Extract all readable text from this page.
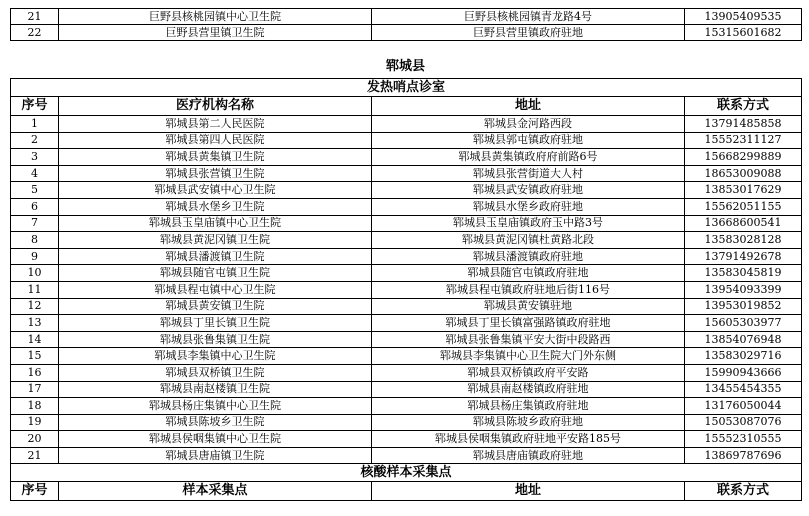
21	巨野县核桃园镇中心卫生院	巨野县核桃园镇青龙路4号	13905409535
22	巨野县营里镇卫生院	巨野县营里镇政府驻地	15315601682
郓城县
发热哨点诊室			
序号	医疗机构名称	地址	联系方式
1	郓城县第二人民医院	郓城县金河路西段	13791485858
2	郓城县第四人民医院	郓城县郭屯镇政府驻地	15552311127
3	郓城县黄集镇卫生院	郓城县黄集镇政府府前路6号	15668299889
4	郓城县张营镇卫生院	郓城县张营街道大人村	18653009088
5	郓城县武安镇中心卫生院	郓城县武安镇政府驻地	13853017629
6	郓城县水堡乡卫生院	郓城县水堡乡政府驻地	15562051155
7	郓城县玉皇庙镇中心卫生院	郓城县玉皇庙镇政府玉中路3号	13668600541
8	郓城县黄泥冈镇卫生院	郓城县黄泥冈镇杜黄路北段	13583028128
9	郓城县潘渡镇卫生院	郓城县潘渡镇政府驻地	13791492678
10	郓城县随官屯镇卫生院	郓城县随官屯镇政府驻地	13583045819
11	郓城县程屯镇中心卫生院	郓城县程屯镇政府驻地后街116号	13954093399
12	郓城县黄安镇卫生院	郓城县黄安镇驻地	13953019852
13	郓城县丁里长镇卫生院	郓城县丁里长镇富强路镇政府驻地	15605303977
14	郓城县张鲁集镇卫生院	郓城县张鲁集镇平安大街中段路西	13854076948
15	郓城县李集镇中心卫生院	郓城县李集镇中心卫生院大门外东侧	13583029716
16	郓城县双桥镇卫生院	郓城县双桥镇政府平安路	15990943666
17	郓城县南赵楼镇卫生院	郓城县南赵楼镇政府驻地	13455454355
18	郓城县杨庄集镇中心卫生院	郓城县杨庄集镇政府驻地	13176050044
19	郓城县陈坡乡卫生院	郓城县陈坡乡政府驻地	15053087076
20	郓城县侯咽集镇中心卫生院	郓城县侯咽集镇政府驻地平安路185号	15552310555
21	郓城县唐庙镇卫生院	郓城县唐庙镇政府驻地	13869787696
核酸样本采集点			
序号	样本采集点	地址	联系方式
